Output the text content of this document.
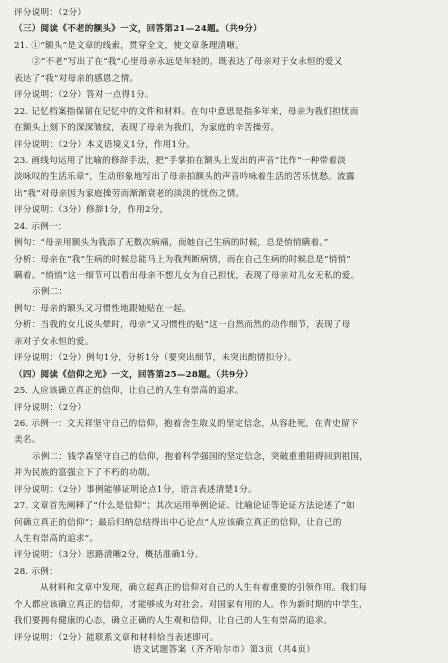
评分说明：（2分）
（三）阅读《不老的额头》一文，回答第21—24题。（共9分）
21. ①“额头”是文章的线索，贯穿全文，使文章条理清晰。
②“不老”写出了在“我”心里母亲永远是年轻的，既表达了母亲对于女永恒的爱又
表达了“我”对母亲的感恩之情。
评分说明：（2分）答对一点得1分。
22. 记忆档案指保留在记忆中的文件和材料。在句中意思是指多年来，母亲为我们担忧而
在额头上刻下的深深皱纹，表现了母亲为我们，为家庭的辛苦操劳。
评分说明：（2分）本义语境义1分，作用1分。
23. 画线句运用了比喻的修辞手法，把“手掌拍在额头上发出的声音”比作“一种带着淡
淡咏叹的生活乐章”，生动形象地写出了母亲拍额头的声音吟咏着生活的苦乐忧愁。流露
出“我”对母亲因为家庭操劳而渐渐衰老的淡淡的忧伤之情。
评分说明：（3分）修辞1分，作用2分。
24. 示例一：
例句：“母亲用额头为我添了无数次病痛，而她自己生病的时候，总是悄悄瞒着。”
分析：母亲在“我”生病的时候总能马上为我判断病情，而在自己生病的时候总是“悄悄”
瞒着。“悄悄”这一细节可以看出母亲不想儿女为自己担忧，表现了母亲对儿女无私的爱。
示例二：
例句：母亲的额头又习惯性地跟她贴在一起。
分析：当我的女儿说头晕时，母亲“又习惯性的贴”这一自然而然的动作细节，表现了母
亲对子女永恒的爱。
评分说明：（2分）例句1分，分析1分（要突出细节，未突出酌情扣分）。
（四）阅读《信仰之光》一文，回答第25—28题。（共9分）
25. 人应该确立真正的信仰，让自己的人生有崇高的追求。
评分说明：（2分）
26. 示例一：文天祥坚守自己的信仰，抱着舍生取义的坚定信念，从容赴死，在青史留下
美名。
示例二：钱学森坚守自己的信仰，抱着科学强国的坚定信念，突破重重阻碍回到祖国，
并为民族的富强立下了不朽的功勋。
评分说明：（2分）事例能够证明论点1分，语言表述清楚1分。
27. 文章首先阐释了“什么是信仰”；其次运用举例论证、比喻论证等论证方法论述了“如
何确立真正的信仰”；最后归纳总结得出中心论点“人应该确立真正的信仰，让自己的
人生有崇高的追求”。
评分说明：（3分）思路清晰2分，概括准确1分。
28. 示例：
从材料和文章中发现，确立起真正的信仰对自己的人生有着重要的引领作用。我们每
个人都应该确立真正的信仰，才能够成为对社会、对国家有用的人。作为新时期的中学生，
我们要拥有健康的心态，确立正确的人生观和信仰，让自己的人生有崇高的追求。
评分说明：（2分）能联系文章和材料恰当表述即可。
语文试题答案（齐齐哈尔市）第3页（共4页）
